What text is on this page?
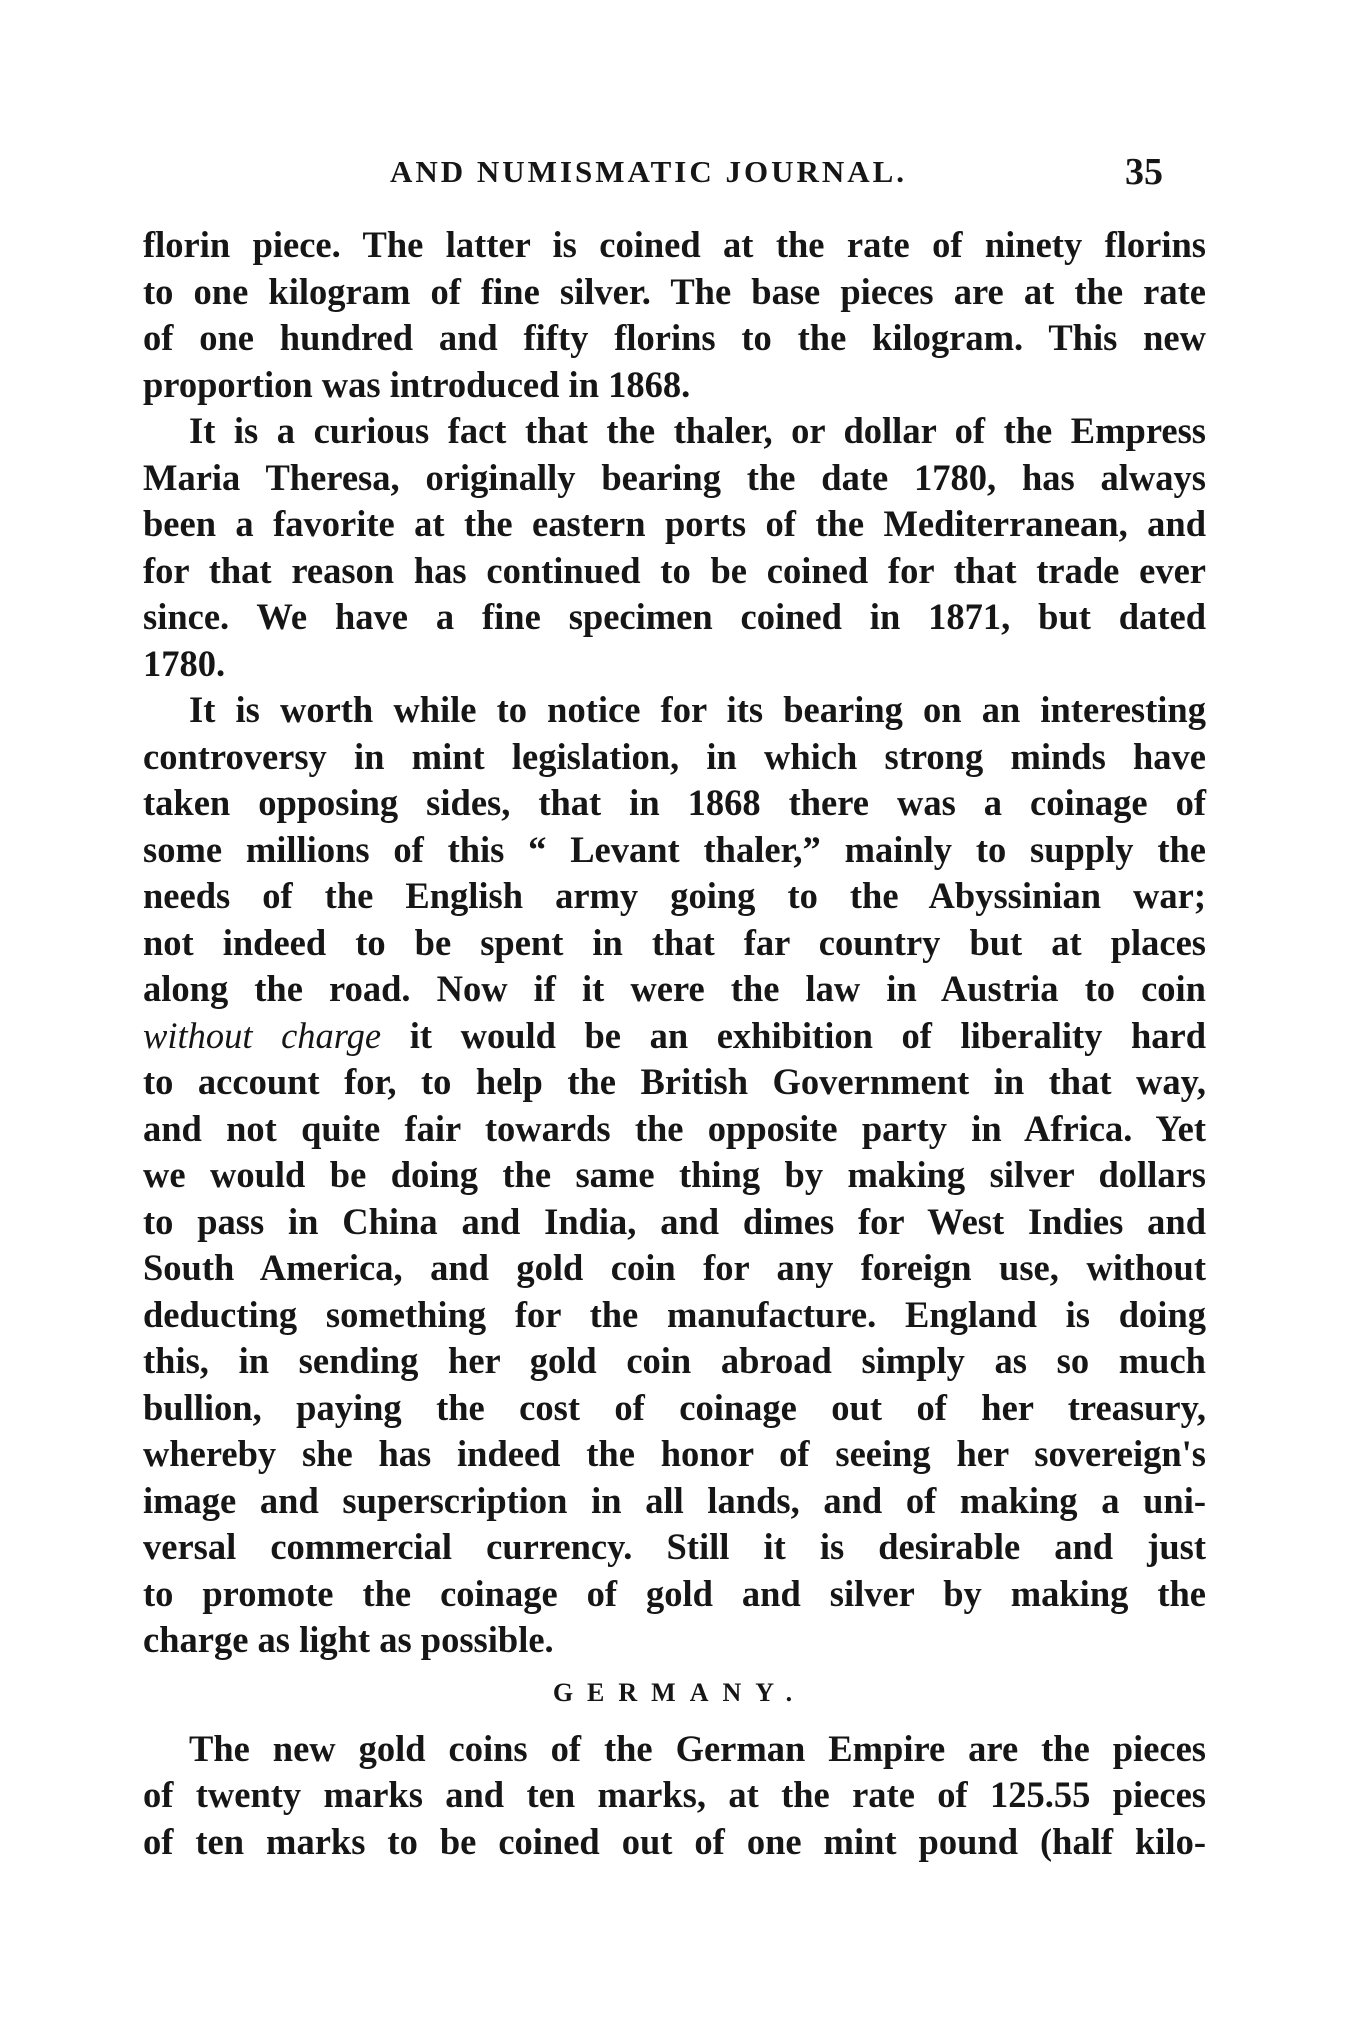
AND NUMISMATIC JOURNAL.	35
florin piece. The latter is coined at the rate of ninety florins
to one kilogram of fine silver. The base pieces are at the rate
of one hundred and fifty florins to the kilogram. This new
proportion was introduced in 1868.
It is a curious fact that the thaler, or dollar of the Empress
Maria Theresa, originally bearing the date 1780, has always
been a favorite at the eastern ports of the Mediterranean, and
for that reason has continued to be coined for that trade ever
since. We have a fine specimen coined in 1871, but dated
1780.
It is worth while to notice for its bearing on an interesting
controversy in mint legislation, in which strong minds have
taken opposing sides, that in 1868 there was a coinage of
some millions of this “ Levant thaler,” mainly to supply the
needs of the English army going to the Abyssinian war;
not indeed to be spent in that far country but at places
along the road. Now if it were the law in Austria to coin
without charge it would be an exhibition of liberality hard
to account for, to help the British Government in that way,
and not quite fair towards the opposite party in Africa. Yet
we would be doing the same thing by making silver dollars
to pass in China and India, and dimes for West Indies and
South America, and gold coin for any foreign use, without
deducting something for the manufacture. England is doing
this, in sending her gold coin abroad simply as so much
bullion, paying the cost of coinage out of her treasury,
whereby she has indeed the honor of seeing her sovereign's
image and superscription in all lands, and of making a uni-
versal commercial currency. Still it is desirable and just
to promote the coinage of gold and silver by making the
charge as light as possible.
GERMANY.
The new gold coins of the German Empire are the pieces
of twenty marks and ten marks, at the rate of 125.55 pieces
of ten marks to be coined out of one mint pound (half kilo-
